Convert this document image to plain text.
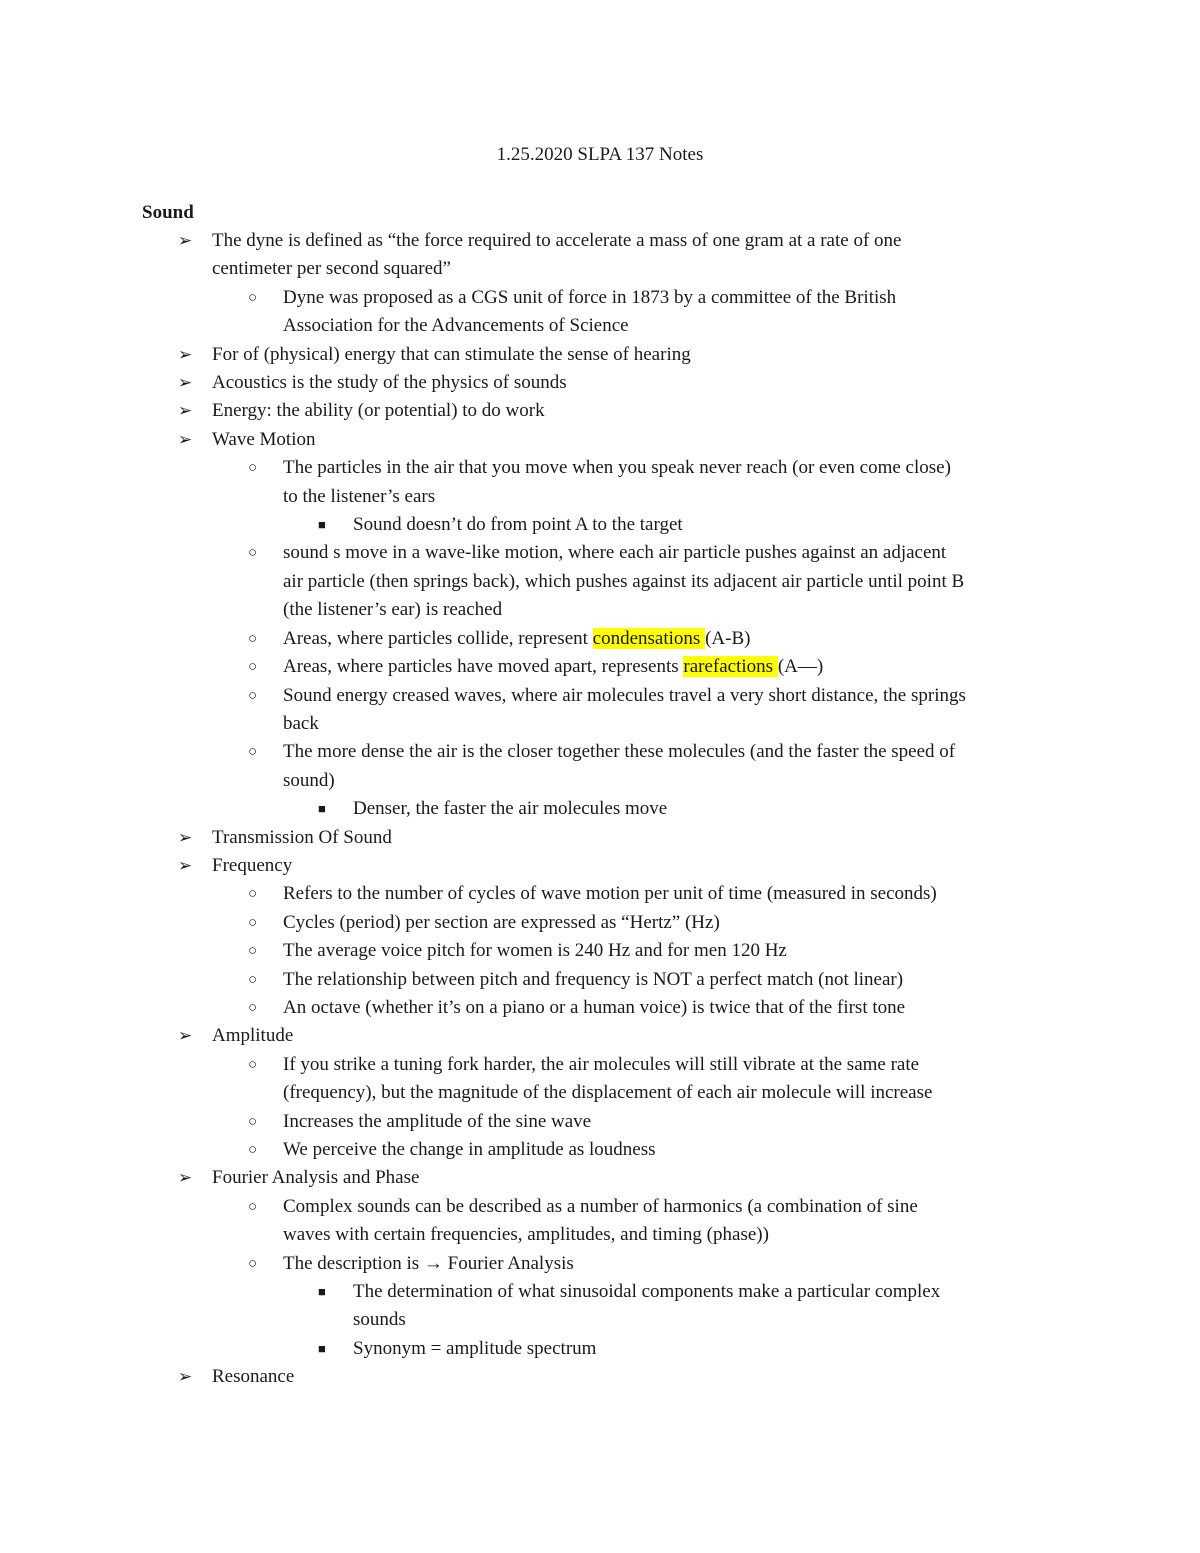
1.25.2020 SLPA 137 Notes
Sound
➢ The dyne is defined as “the force required to accelerate a mass of one gram at a rate of one
centimeter per second squared”
○ Dyne was proposed as a CGS unit of force in 1873 by a committee of the British
Association for the Advancements of Science
➢ For of (physical) energy that can stimulate the sense of hearing
➢ Acoustics is the study of the physics of sounds
➢ Energy: the ability (or potential) to do work
➢ Wave Motion
○ The particles in the air that you move when you speak never reach (or even come close)
to the listener’s ears
■ Sound doesn’t do from point A to the target
○ sound s move in a wave-like motion, where each air particle pushes against an adjacent
air particle (then springs back), which pushes against its adjacent air particle until point B
(the listener’s ear) is reached
○ Areas, where particles collide, represent condensations (A-B)
○ Areas, where particles have moved apart, represents rarefactions (A—)
○ Sound energy creased waves, where air molecules travel a very short distance, the springs
back
○ The more dense the air is the closer together these molecules (and the faster the speed of
sound)
■ Denser, the faster the air molecules move
➢ Transmission Of Sound
➢ Frequency
○ Refers to the number of cycles of wave motion per unit of time (measured in seconds)
○ Cycles (period) per section are expressed as “Hertz” (Hz)
○ The average voice pitch for women is 240 Hz and for men 120 Hz
○ The relationship between pitch and frequency is NOT a perfect match (not linear)
○ An octave (whether it’s on a piano or a human voice) is twice that of the first tone
➢ Amplitude
○ If you strike a tuning fork harder, the air molecules will still vibrate at the same rate
(frequency), but the magnitude of the displacement of each air molecule will increase
○ Increases the amplitude of the sine wave
○ We perceive the change in amplitude as loudness
➢ Fourier Analysis and Phase
○ Complex sounds can be described as a number of harmonics (a combination of sine
waves with certain frequencies, amplitudes, and timing (phase))
○ The description is → Fourier Analysis
■ The determination of what sinusoidal components make a particular complex
sounds
■ Synonym = amplitude spectrum
➢ Resonance
